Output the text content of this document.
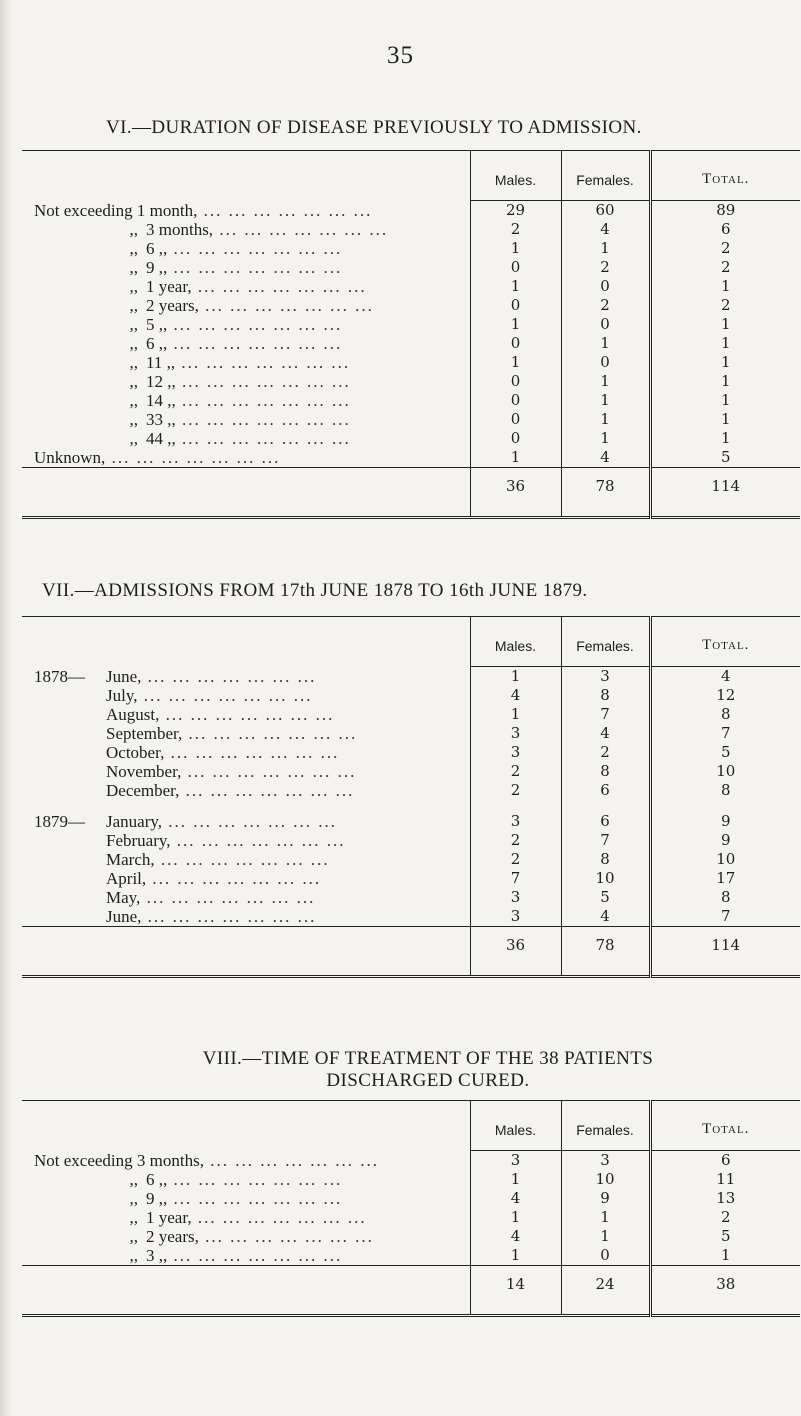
35
VI.—DURATION OF DISEASE PREVIOUSLY TO ADMISSION.
	Males.	Females.	Total.
Not exceeding 1 month, ... ... ... ... ... ... ...	29	60	89
,, 3 months, ... ... ... ... ... ... ...	2	4	6
,, 6 ,, ... ... ... ... ... ... ...	1	1	2
,, 9 ,, ... ... ... ... ... ... ...	0	2	2
,, 1 year, ... ... ... ... ... ... ...	1	0	1
,, 2 years, ... ... ... ... ... ... ...	0	2	2
,, 5 ,, ... ... ... ... ... ... ...	1	0	1
,, 6 ,, ... ... ... ... ... ... ...	0	1	1
,, 11 ,, ... ... ... ... ... ... ...	1	0	1
,, 12 ,, ... ... ... ... ... ... ...	0	1	1
,, 14 ,, ... ... ... ... ... ... ...	0	1	1
,, 33 ,, ... ... ... ... ... ... ...	0	1	1
,, 44 ,, ... ... ... ... ... ... ...	0	1	1
Unknown, ... ... ... ... ... ... ...	1	4	5
	36	78	114
VII.—ADMISSIONS FROM 17th JUNE 1878 TO 16th JUNE 1879.
	Males.	Females.	Total.
1878— June, ... ... ... ... ... ... ...	1	3	4
July, ... ... ... ... ... ... ...	4	8	12
August, ... ... ... ... ... ... ...	1	7	8
September, ... ... ... ... ... ... ...	3	4	7
October, ... ... ... ... ... ... ...	3	2	5
November, ... ... ... ... ... ... ...	2	8	10
December, ... ... ... ... ... ... ...	2	6	8

1879— January, ... ... ... ... ... ... ...	3	6	9
February, ... ... ... ... ... ... ...	2	7	9
March, ... ... ... ... ... ... ...	2	8	10
April, ... ... ... ... ... ... ...	7	10	17
May, ... ... ... ... ... ... ...	3	5	8
June, ... ... ... ... ... ... ...	3	4	7
	36	78	114
VIII.—TIME OF TREATMENT OF THE 38 PATIENTS
DISCHARGED CURED.
	Males.	Females.	Total.
Not exceeding 3 months, ... ... ... ... ... ... ...	3	3	6
,, 6 ,, ... ... ... ... ... ... ...	1	10	11
,, 9 ,, ... ... ... ... ... ... ...	4	9	13
,, 1 year, ... ... ... ... ... ... ...	1	1	2
,, 2 years, ... ... ... ... ... ... ...	4	1	5
,, 3 ,, ... ... ... ... ... ... ...	1	0	1
	14	24	38
